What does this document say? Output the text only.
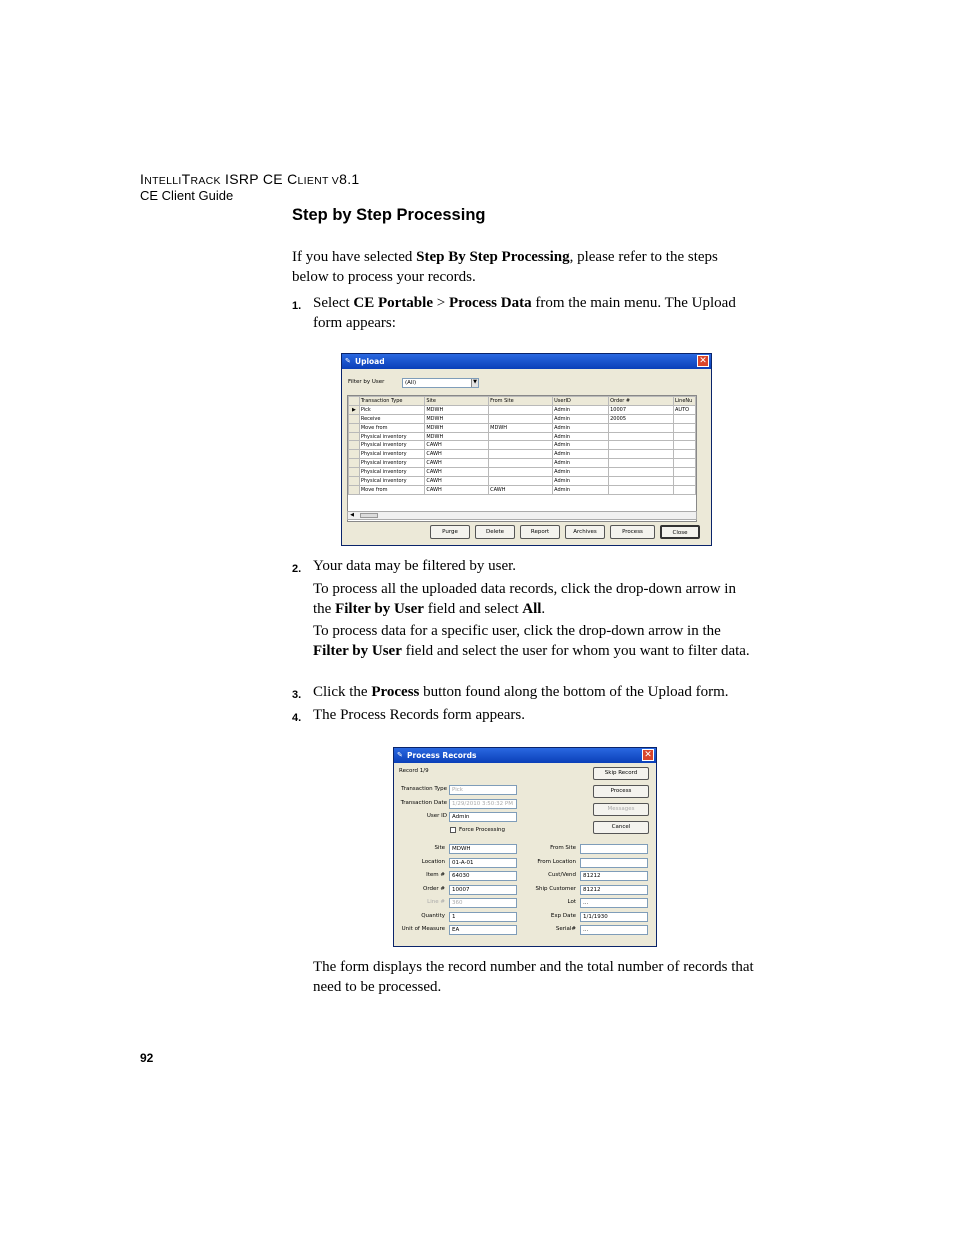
INTELLITRACK ISRP CE CLIENT V8.1
CE Client Guide
Step by Step Processing
If you have selected Step By Step Processing, please refer to the steps below to process your records.
1. Select CE Portable > Process Data from the main menu. The Upload form appears:
✎ Upload	✕
Filter by User	(All)	▼
	Transaction Type	Site	From Site	UserID	Order #	LineNu
▶	Pick	MDWH		Admin	10007	AUTO
	Receive	MDWH		Admin	20005	
	Move from	MDWH	MDWH	Admin		
	Physical inventory	MDWH		Admin		
	Physical inventory	CAWH		Admin		
	Physical inventory	CAWH		Admin		
	Physical inventory	CAWH		Admin		
	Physical inventory	CAWH		Admin		
	Physical inventory	CAWH		Admin		
	Move from	CAWH	CAWH	Admin		

◀
Purge	Delete	Report	Archives	Process	Close
2. Your data may be filtered by user.
To process all the uploaded data records, click the drop-down arrow in the Filter by User field and select All.
To process data for a specific user, click the drop-down arrow in the Filter by User field and select the user for whom you want to filter data.
3. Click the Process button found along the bottom of the Upload form.
4. The Process Records form appears.
✎ Process Records	✕
Record 1/9
Transaction Type Pick
Transaction Date 1/29/2010 3:50:32 PM
User ID Admin
Force Processing
Skip Record
Process
Messages
Cancel
Site	MDWH
Location	01-A-01
Item #	64030
Order #	10007
Line #	360
Quantity	1
Unit of Measure	EA
From Site
From Location
Cust/Vend	81212
Ship Customer	81212
Lot	...
Exp Date	1/1/1930
Serial#	...
The form displays the record number and the total number of records that need to be processed.
92
